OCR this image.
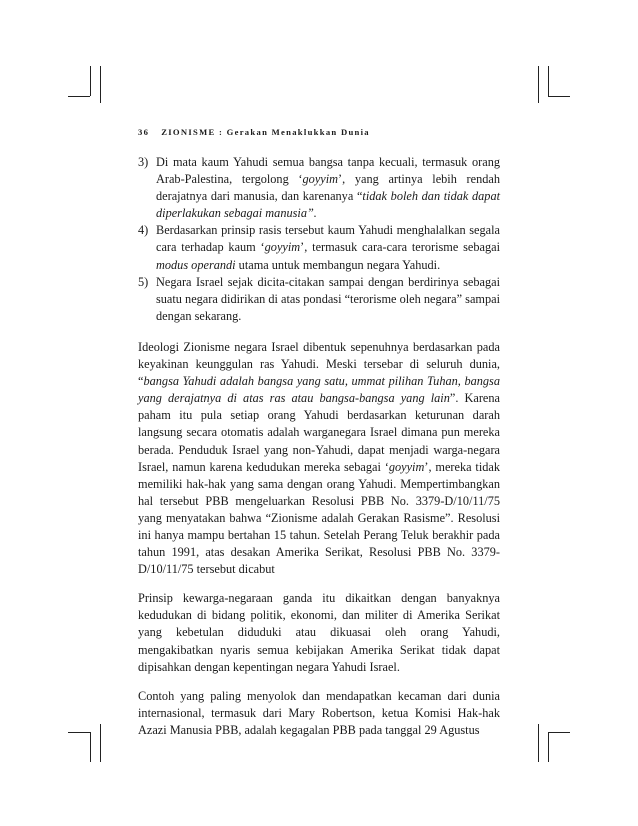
36 ZIONISME : Gerakan Menaklukkan Dunia
3) Di mata kaum Yahudi semua bangsa tanpa kecuali, termasuk orang Arab-Palestina, tergolong ‘goyyim’, yang artinya lebih rendah derajatnya dari manusia, dan karenanya “tidak boleh dan tidak dapat diperlakukan sebagai manusia”.
4) Berdasarkan prinsip rasis tersebut kaum Yahudi menghalalkan segala cara terhadap kaum ‘goyyim’, termasuk cara-cara terorisme sebagai modus operandi utama untuk membangun negara Yahudi.
5) Negara Israel sejak dicita-citakan sampai dengan berdirinya sebagai suatu negara didirikan di atas pondasi “terorisme oleh negara” sampai dengan sekarang.

Ideologi Zionisme negara Israel dibentuk sepenuhnya berdasarkan pada keyakinan keunggulan ras Yahudi. Meski tersebar di seluruh dunia, “bangsa Yahudi adalah bangsa yang satu, ummat pilihan Tuhan, bangsa yang derajatnya di atas ras atau bangsa-bangsa yang lain”. Karena paham itu pula setiap orang Yahudi berdasarkan keturunan darah langsung secara otomatis adalah warganegara Israel dimana pun mereka berada. Penduduk Israel yang non-Yahudi, dapat menjadi warga-negara Israel, namun karena kedudukan mereka sebagai ‘goyyim’, mereka tidak memiliki hak-hak yang sama dengan orang Yahudi. Mempertimbangkan hal tersebut PBB mengeluarkan Resolusi PBB No. 3379-D/10/11/75 yang menyatakan bahwa “Zionisme adalah Gerakan Rasisme”. Resolusi ini hanya mampu bertahan 15 tahun. Setelah Perang Teluk berakhir pada tahun 1991, atas desakan Amerika Serikat, Resolusi PBB No. 3379-D/10/11/75 tersebut dicabut

Prinsip kewarga-negaraan ganda itu dikaitkan dengan banyaknya kedudukan di bidang politik, ekonomi, dan militer di Amerika Serikat yang kebetulan diduduki atau dikuasai oleh orang Yahudi, mengakibatkan nyaris semua kebijakan Amerika Serikat tidak dapat dipisahkan dengan kepentingan negara Yahudi Israel.

Contoh yang paling menyolok dan mendapatkan kecaman dari dunia internasional, termasuk dari Mary Robertson, ketua Komisi Hak-hak Azazi Manusia PBB, adalah kegagalan PBB pada tanggal 29 Agustus
